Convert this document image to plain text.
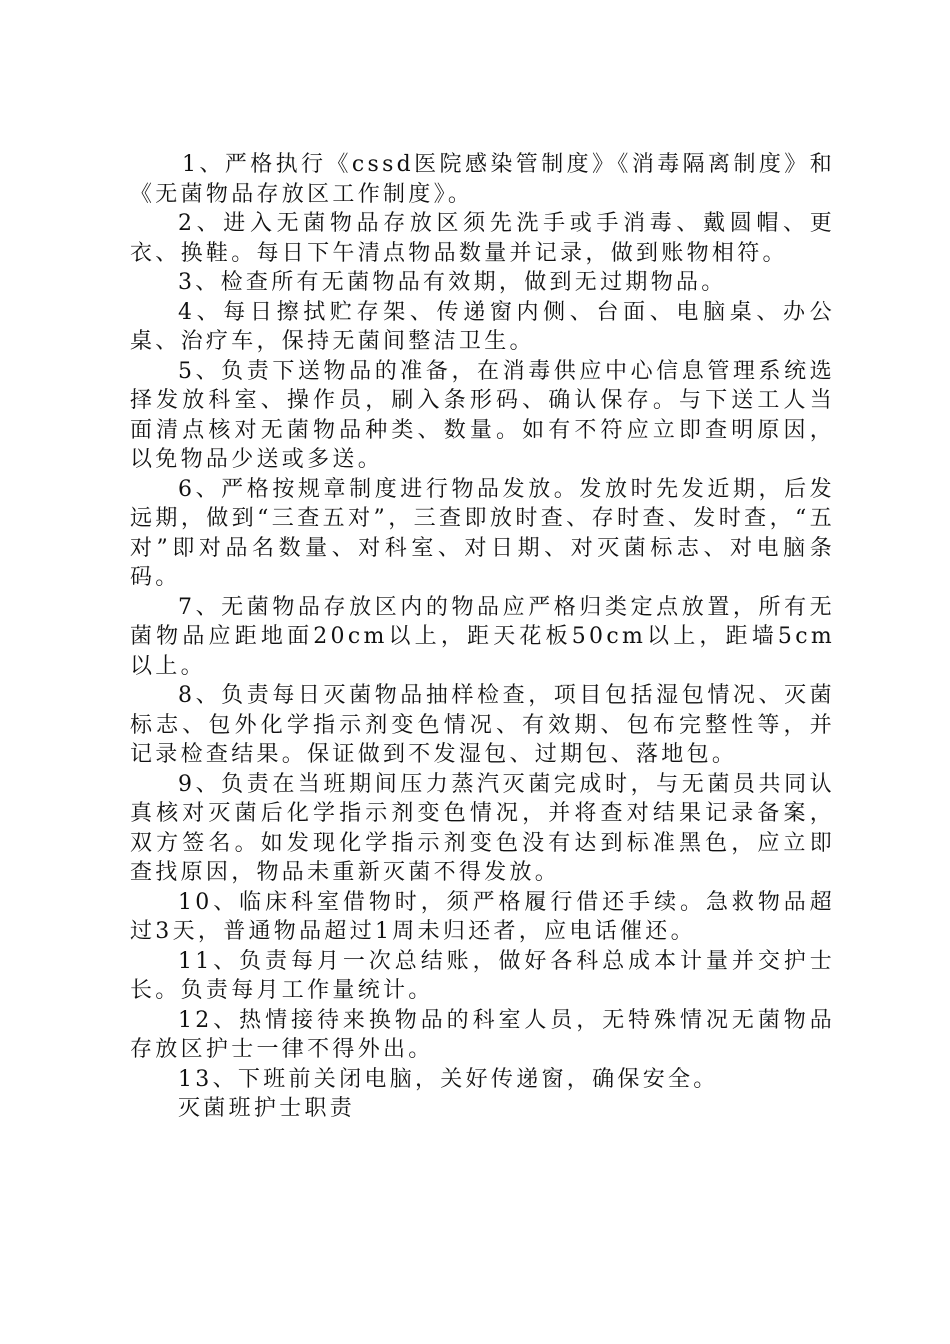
1、严格执行《cssd医院感染管制度》《消毒隔离制度》和《无菌物品存放区工作制度》。

2、进入无菌物品存放区须先洗手或手消毒、戴圆帽、更衣、换鞋。每日下午清点物品数量并记录，做到账物相符。

3、检查所有无菌物品有效期，做到无过期物品。

4、每日擦拭贮存架、传递窗内侧、台面、电脑桌、办公桌、治疗车，保持无菌间整洁卫生。

5、负责下送物品的准备，在消毒供应中心信息管理系统选择发放科室、操作员，刷入条形码、确认保存。与下送工人当面清点核对无菌物品种类、数量。如有不符应立即查明原因，以免物品少送或多送。

6、严格按规章制度进行物品发放。发放时先发近期，后发远期，做到“三查五对”，三查即放时查、存时查、发时查，“五对”即对品名数量、对科室、对日期、对灭菌标志、对电脑条码。

7、无菌物品存放区内的物品应严格归类定点放置，所有无菌物品应距地面20cm以上，距天花板50cm以上，距墙5cm以上。

8、负责每日灭菌物品抽样检查，项目包括湿包情况、灭菌标志、包外化学指示剂变色情况、有效期、包布完整性等，并记录检查结果。保证做到不发湿包、过期包、落地包。

9、负责在当班期间压力蒸汽灭菌完成时，与无菌员共同认真核对灭菌后化学指示剂变色情况，并将查对结果记录备案，双方签名。如发现化学指示剂变色没有达到标准黑色，应立即查找原因，物品未重新灭菌不得发放。

10、临床科室借物时，须严格履行借还手续。急救物品超过3天，普通物品超过1周未归还者，应电话催还。

11、负责每月一次总结账，做好各科总成本计量并交护士长。负责每月工作量统计。

12、热情接待来换物品的科室人员，无特殊情况无菌物品存放区护士一律不得外出。

13、下班前关闭电脑，关好传递窗，确保安全。

灭菌班护士职责
